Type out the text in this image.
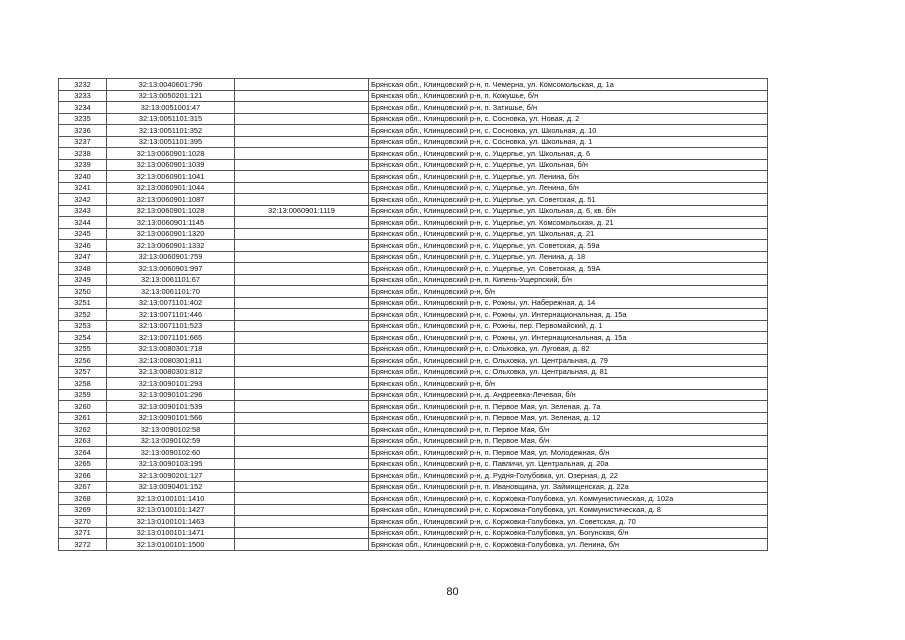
3232	32:13:0040601:796		Брянская обл., Клинцовский р-н, п. Чемерна, ул. Комсомольская, д. 1а
3233	32:13:0050201:121		Брянская обл., Клинцовский р-н, п. Кожушье, б/н
3234	32:13:0051001:47		Брянская обл., Клинцовский р-н, п. Затишье, б/н
3235	32:13:0051101:315		Брянская обл., Клинцовский р-н, с. Сосновка, ул. Новая, д. 2
3236	32:13:0051101:352		Брянская обл., Клинцовский р-н, с. Сосновка, ул. Школьная, д. 10
3237	32:13:0051101:395		Брянская обл., Клинцовский р-н, с. Сосновка, ул. Школьная, д. 1
3238	32:13:0060901:1028		Брянская обл., Клинцовский р-н, с. Ущерпье, ул. Школьная, д. 6
3239	32:13:0060901:1039		Брянская обл., Клинцовский р-н, с. Ущерпье, ул. Школьная, б/н
3240	32:13:0060901:1041		Брянская обл., Клинцовский р-н, с. Ущерпье, ул. Ленина, б/н
3241	32:13:0060901:1044		Брянская обл., Клинцовский р-н, с. Ущерпье, ул. Ленина, б/н
3242	32:13:0060901:1087		Брянская обл., Клинцовский р-н, с. Ущерпье, ул. Советская, д. 51
3243	32:13:0060901:1028	32:13:0060901:1119	Брянская обл., Клинцовский р-н, с. Ущерпье, ул. Школьная, д. 6, кв. б/н
3244	32:13:0060901:1145		Брянская обл., Клинцовский р-н, с. Ущерпье, ул. Комсомольская, д. 21
3245	32:13:0060901:1320		Брянская обл., Клинцовский р-н, с. Ущерпье, ул. Школьная, д. 21
3246	32:13:0060901:1332		Брянская обл., Клинцовский р-н, с. Ущерпье, ул. Советская, д. 59а
3247	32:13:0060901:759		Брянская обл., Клинцовский р-н, с. Ущерпье, ул. Ленина, д. 18
3248	32:13:0060901:997		Брянская обл., Клинцовский р-н, с. Ущерпье, ул. Советская, д. 59А
3249	32:13:0061101:67		Брянская обл., Клинцовский р-н, п. Кипень-Ущерпский, б/н
3250	32:13:0061101:70		Брянская обл., Клинцовский р-н, б/н
3251	32:13:0071101:402		Брянская обл., Клинцовский р-н, с. Рожны, ул. Набережная, д. 14
3252	32:13:0071101:446		Брянская обл., Клинцовский р-н, с. Рожны, ул. Интернациональная, д. 15а
3253	32:13:0071101:523		Брянская обл., Клинцовский р-н, с. Рожны, пер. Первомайский, д. 1
3254	32:13:0071101:665		Брянская обл., Клинцовский р-н, с. Рожны, ул. Интернациональная, д. 15а
3255	32:13:0080301:718		Брянская обл., Клинцовский р-н, с. Ольховка, ул. Луговая, д. 82
3256	32:13:0080301:811		Брянская обл., Клинцовский р-н, с. Ольховка, ул. Центральная, д. 79
3257	32:13:0080301:812		Брянская обл., Клинцовский р-н, с. Ольховка, ул. Центральная, д. 81
3258	32:13:0090101:293		Брянская обл., Клинцовский р-н, б/н
3259	32:13:0090101:296		Брянская обл., Клинцовский р-н, д. Андреевка-Лечевая, б/н
3260	32:13:0090101:539		Брянская обл., Клинцовский р-н, п. Первое Мая, ул. Зеленая, д. 7а
3261	32:13:0090101:566		Брянская обл., Клинцовский р-н, п. Первое Мая, ул. Зеленая, д. 12
3262	32:13:0090102:58		Брянская обл., Клинцовский р-н, п. Первое Мая, б/н
3263	32:13:0090102:59		Брянская обл., Клинцовский р-н, п. Первое Мая, б/н
3264	32:13:0090102:60		Брянская обл., Клинцовский р-н, п. Первое Мая, ул. Молодежная, б/н
3265	32:13:0090103:195		Брянская обл., Клинцовский р-н, с. Павличи, ул. Центральная, д. 20а
3266	32:13:0090201:127		Брянская обл., Клинцовский р-н, д. Рудня-Голубовка, ул. Озерная, д. 22
3267	32:13:0090401:152		Брянская обл., Клинцовский р-н, п. Ивановщина, ул. Займищенская, д. 22а
3268	32:13:0100101:1410		Брянская обл., Клинцовский р-н, с. Коржовка-Голубовка, ул. Коммунистическая, д. 102а
3269	32:13:0100101:1427		Брянская обл., Клинцовский р-н, с. Коржовка-Голубовка, ул. Коммунистическая, д. 8
3270	32:13:0100101:1463		Брянская обл., Клинцовский р-н, с. Коржовка-Голубовка, ул. Советская, д. 70
3271	32:13:0100101:1471		Брянская обл., Клинцовский р-н, с. Коржовка-Голубовка, ул. Богунская, б/н
3272	32:13:0100101:1500		Брянская обл., Клинцовский р-н, с. Коржовка-Голубовка, ул. Ленина, б/н
80
